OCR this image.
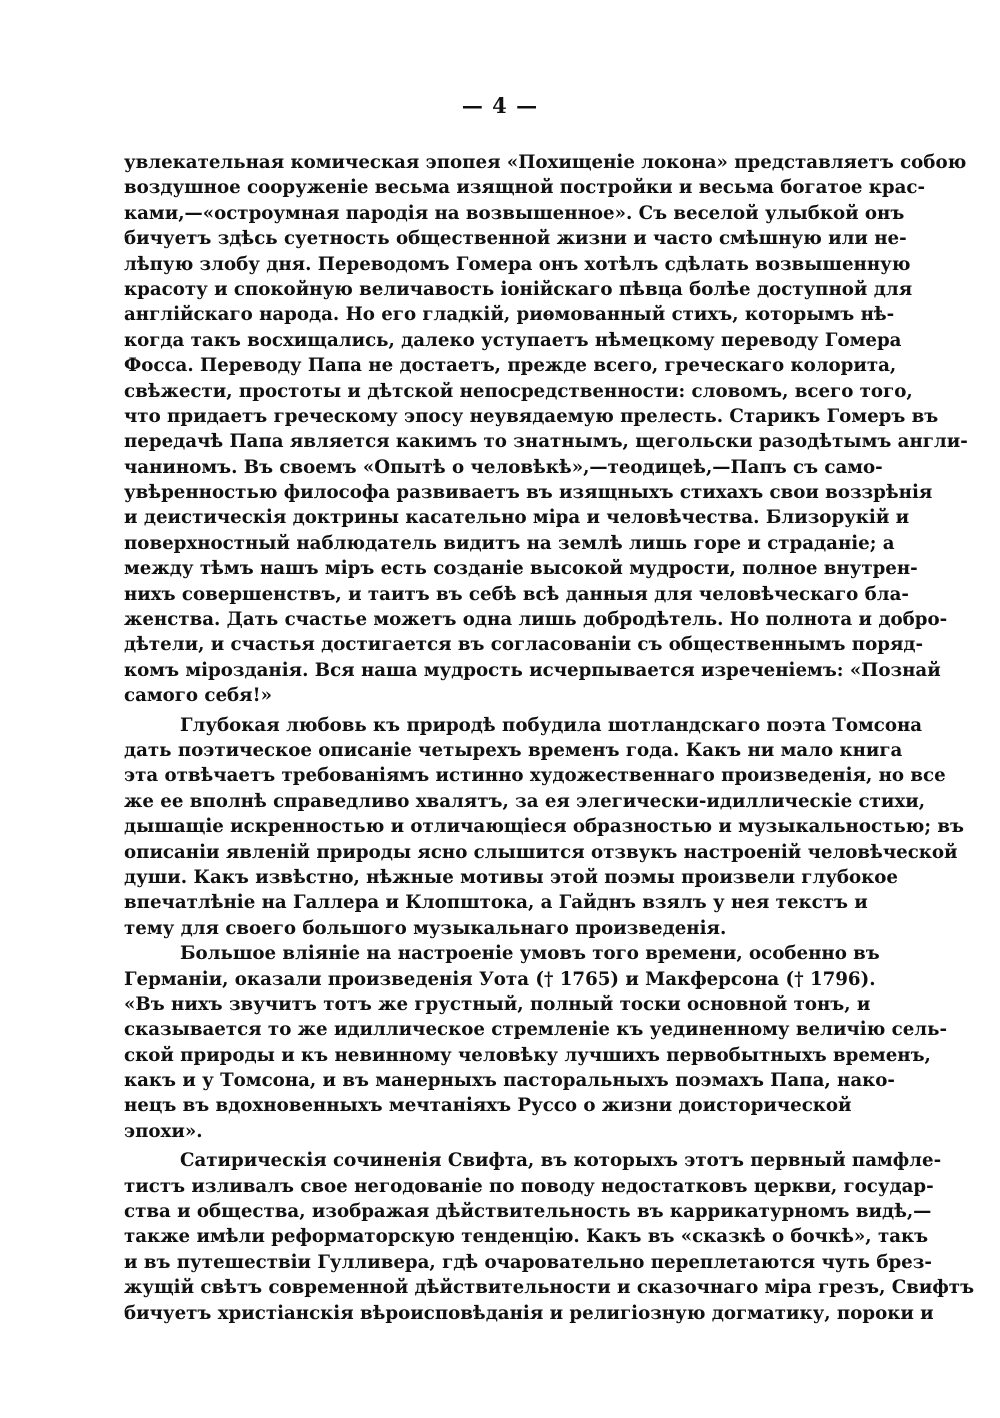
— 4 —
увлекательная комическая эпопея «Похищеніе локона» представляетъ собою
воздушное сооруженіе весьма изящной постройки и весьма богатое крас-
ками,—«остроумная пародія на возвышенное». Съ веселой улыбкой онъ
бичуетъ здѣсь суетность общественной жизни и часто смѣшную или не-
лѣпую злобу дня. Переводомъ Гомера онъ хотѣлъ сдѣлать возвышенную
красоту и спокойную величавость іонійскаго пѣвца болѣе доступной для
англійскаго народа. Но его гладкій, риѳмованный стихъ, которымъ нѣ-
когда такъ восхищались, далеко уступаетъ нѣмецкому переводу Гомера
Фосса. Переводу Папа не достаетъ, прежде всего, греческаго колорита,
свѣжести, простоты и дѣтской непосредственности: словомъ, всего того,
что придаетъ греческому эпосу неувядаемую прелесть. Старикъ Гомеръ въ
передачѣ Папа является какимъ то знатнымъ, щегольски разодѣтымъ англи-
чаниномъ. Въ своемъ «Опытѣ о человѣкѣ»,—теодицеѣ,—Папъ съ само-
увѣренностью философа развиваетъ въ изящныхъ стихахъ свои воззрѣнія
и деистическія доктрины касательно міра и человѣчества. Близорукій и
поверхностный наблюдатель видитъ на землѣ лишь горе и страданіе; а
между тѣмъ нашъ міръ есть созданіе высокой мудрости, полное внутрен-
нихъ совершенствъ, и таитъ въ себѣ всѣ данныя для человѣческаго бла-
женства. Дать счастье можетъ одна лишь добродѣтель. Но полнота и добро-
дѣтели, и счастья достигается въ согласованіи съ общественнымъ поряд-
комъ мірозданія. Вся наша мудрость исчерпывается изреченіемъ: «Познай
самого себя!»
Глубокая любовь къ природѣ побудила шотландскаго поэта Томсона
дать поэтическое описаніе четырехъ временъ года. Какъ ни мало книга
эта отвѣчаетъ требованіямъ истинно художественнаго произведенія, но все
же ее вполнѣ справедливо хвалятъ, за ея элегически-идиллическіе стихи,
дышащіе искренностью и отличающіеся образностью и музыкальностью; въ
описаніи явленій природы ясно слышится отзвукъ настроеній человѣческой
души. Какъ извѣстно, нѣжные мотивы этой поэмы произвели глубокое
впечатлѣніе на Галлера и Клопштока, а Гайднъ взялъ у нея текстъ и
тему для своего большого музыкальнаго произведенія.
Большое вліяніе на настроеніе умовъ того времени, особенно въ
Германіи, оказали произведенія Уота († 1765) и Макферсона († 1796).
«Въ нихъ звучитъ тотъ же грустный, полный тоски основной тонъ, и
сказывается то же идиллическое стремленіе къ уединенному величію сель-
ской природы и къ невинному человѣку лучшихъ первобытныхъ временъ,
какъ и у Томсона, и въ манерныхъ пасторальныхъ поэмахъ Папа, нако-
нецъ въ вдохновенныхъ мечтаніяхъ Руссо о жизни доисторической
эпохи».
Сатирическія сочиненія Свифта, въ которыхъ этотъ первный памфле-
тистъ изливалъ свое негодованіе по поводу недостатковъ церкви, государ-
ства и общества, изображая дѣйствительность въ каррикатурномъ видѣ,—
также имѣли реформаторскую тенденцію. Какъ въ «сказкѣ о бочкѣ», такъ
и въ путешествіи Гулливера, гдѣ очаровательно переплетаются чуть брез-
жущій свѣтъ современной дѣйствительности и сказочнаго міра грезъ, Свифтъ
бичуетъ христіанскія вѣроисповѣданія и религіозную догматику, пороки и
